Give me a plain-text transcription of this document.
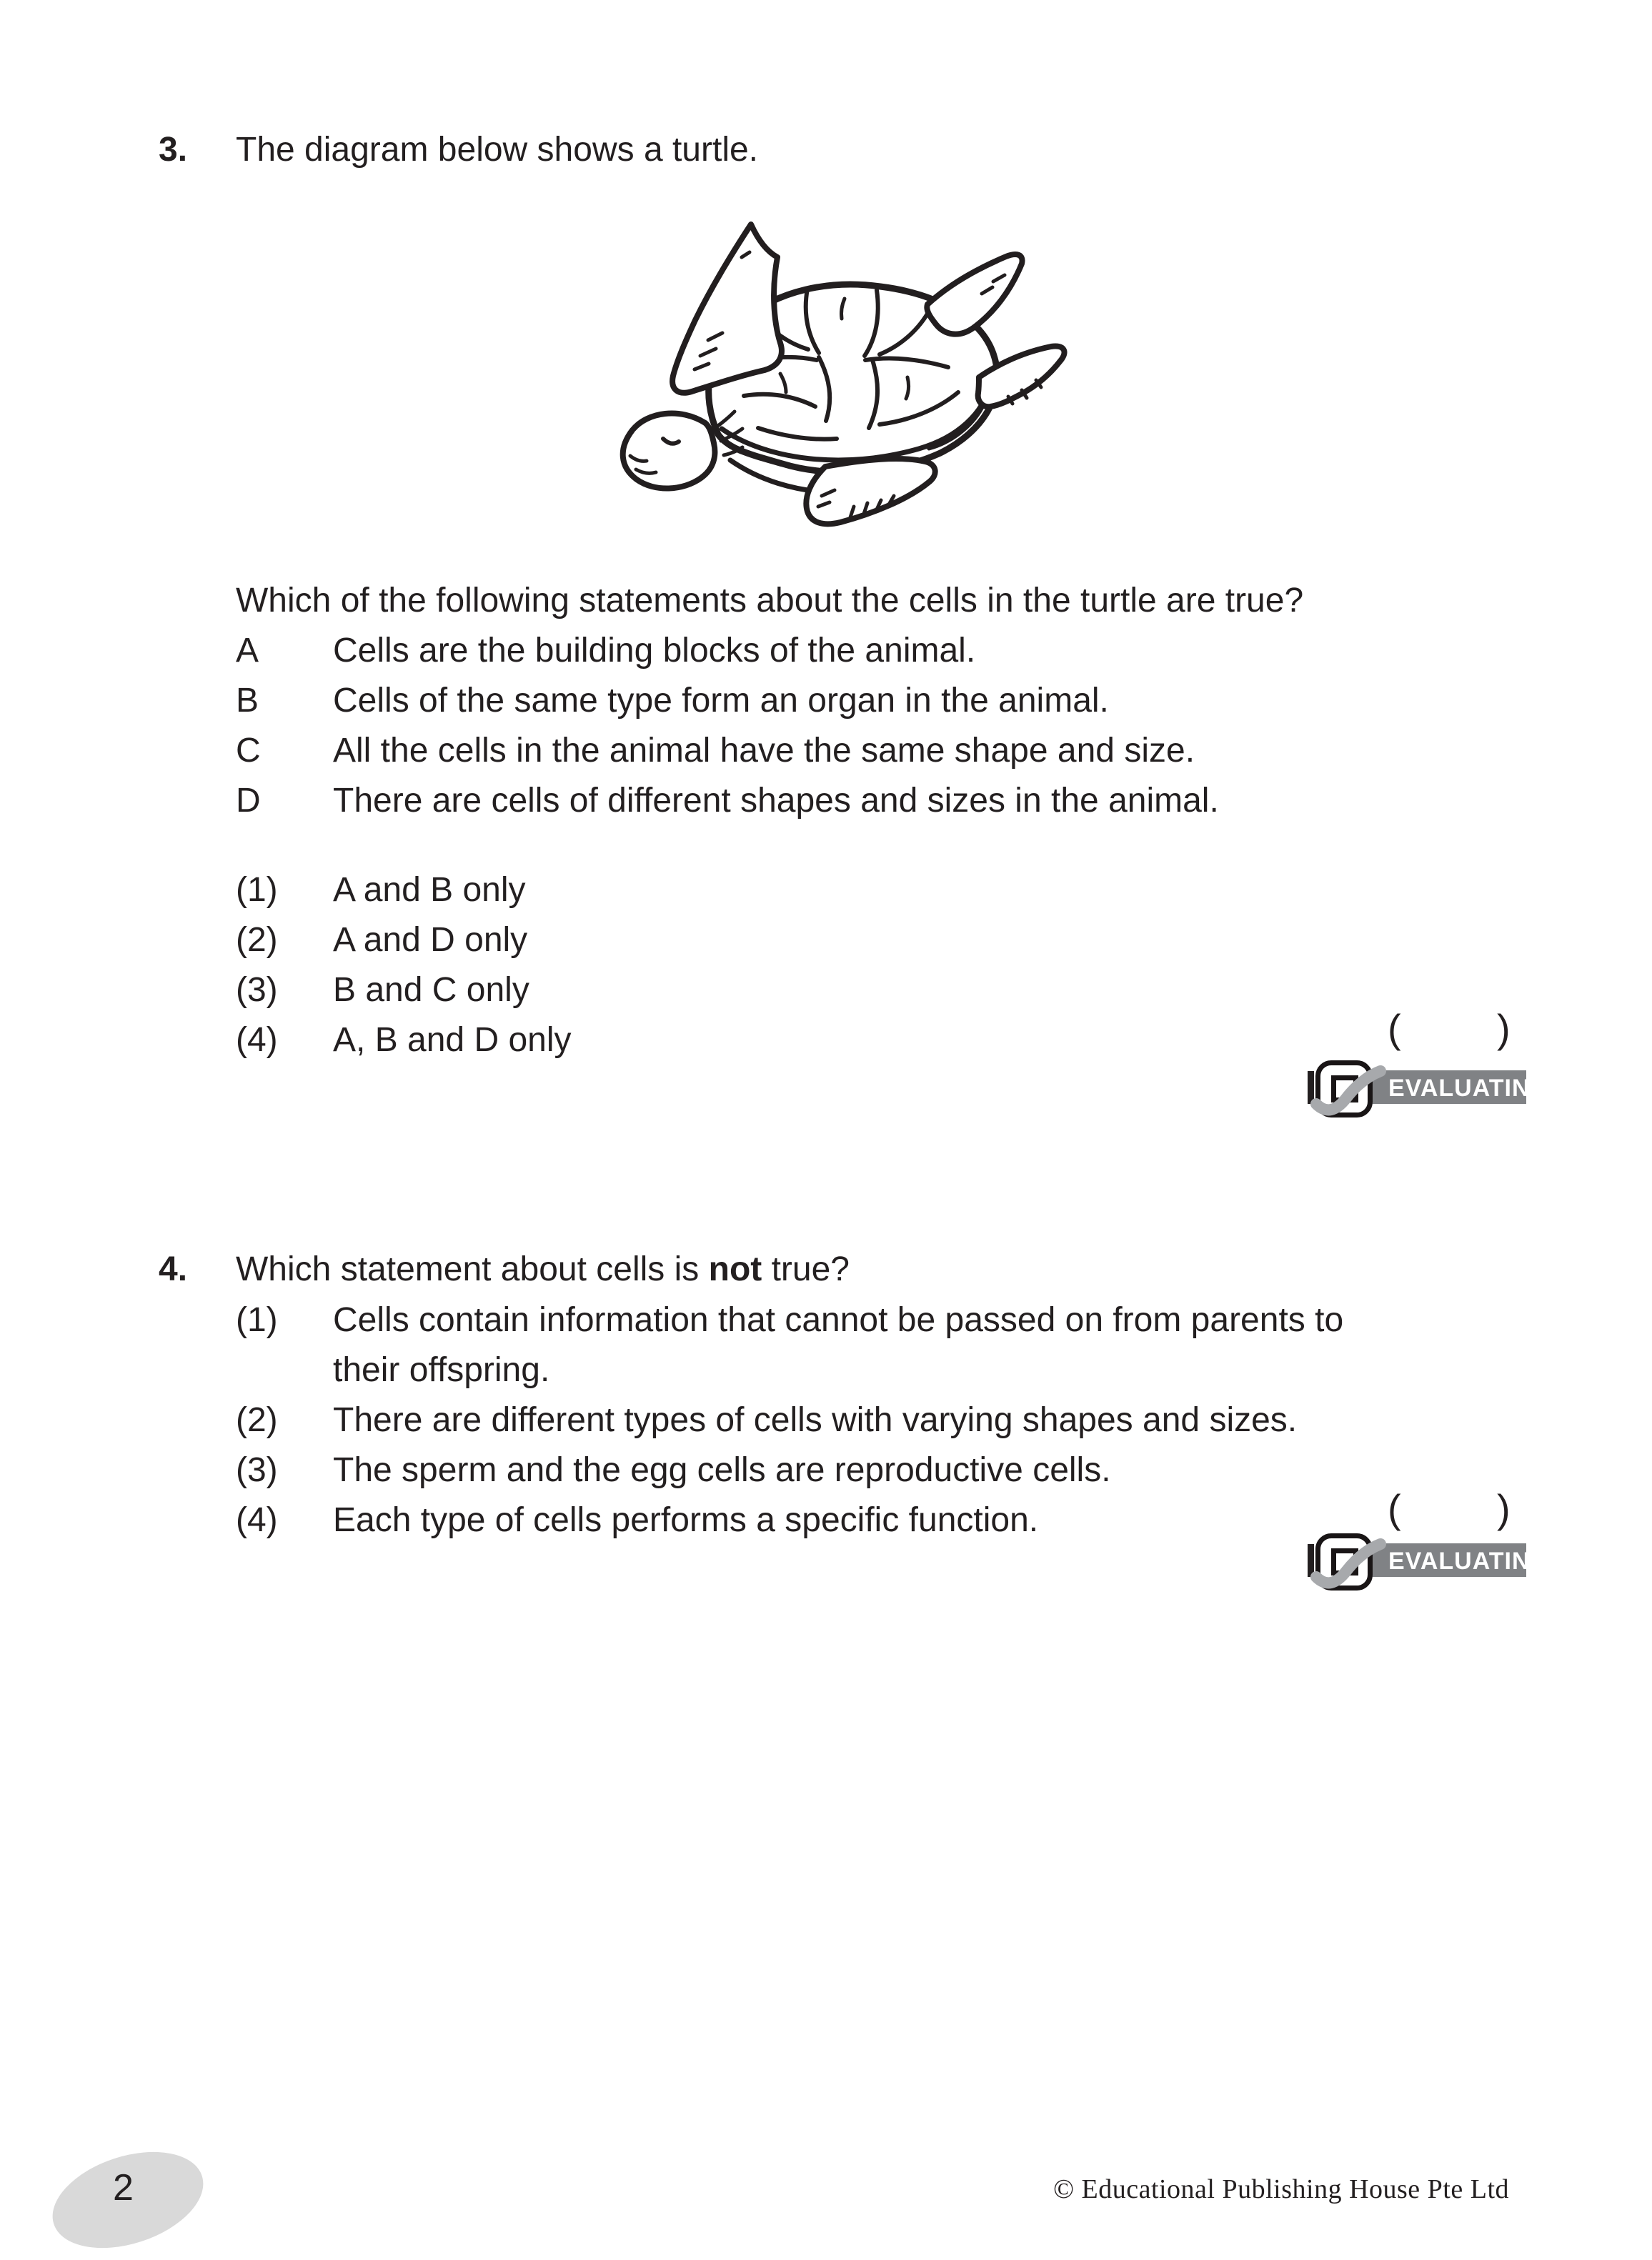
3.	The diagram below shows a turtle.
Which of the following statements about the cells in the turtle are true?
A	Cells are the building blocks of the animal.
B	Cells of the same type form an organ in the animal.
C	All the cells in the animal have the same shape and size.
D	There are cells of different shapes and sizes in the animal.
(1)	A and B only
(2)	A and D only
(3)	B and C only
(4)	A, B and D only	( )
EVALUATING
4.	Which statement about cells is not true?
(1)	Cells contain information that cannot be passed on from parents to their offspring.
(2)	There are different types of cells with varying shapes and sizes.
(3)	The sperm and the egg cells are reproductive cells.
(4)	Each type of cells performs a specific function.	( )
EVALUATING
2	© Educational Publishing House Pte Ltd
